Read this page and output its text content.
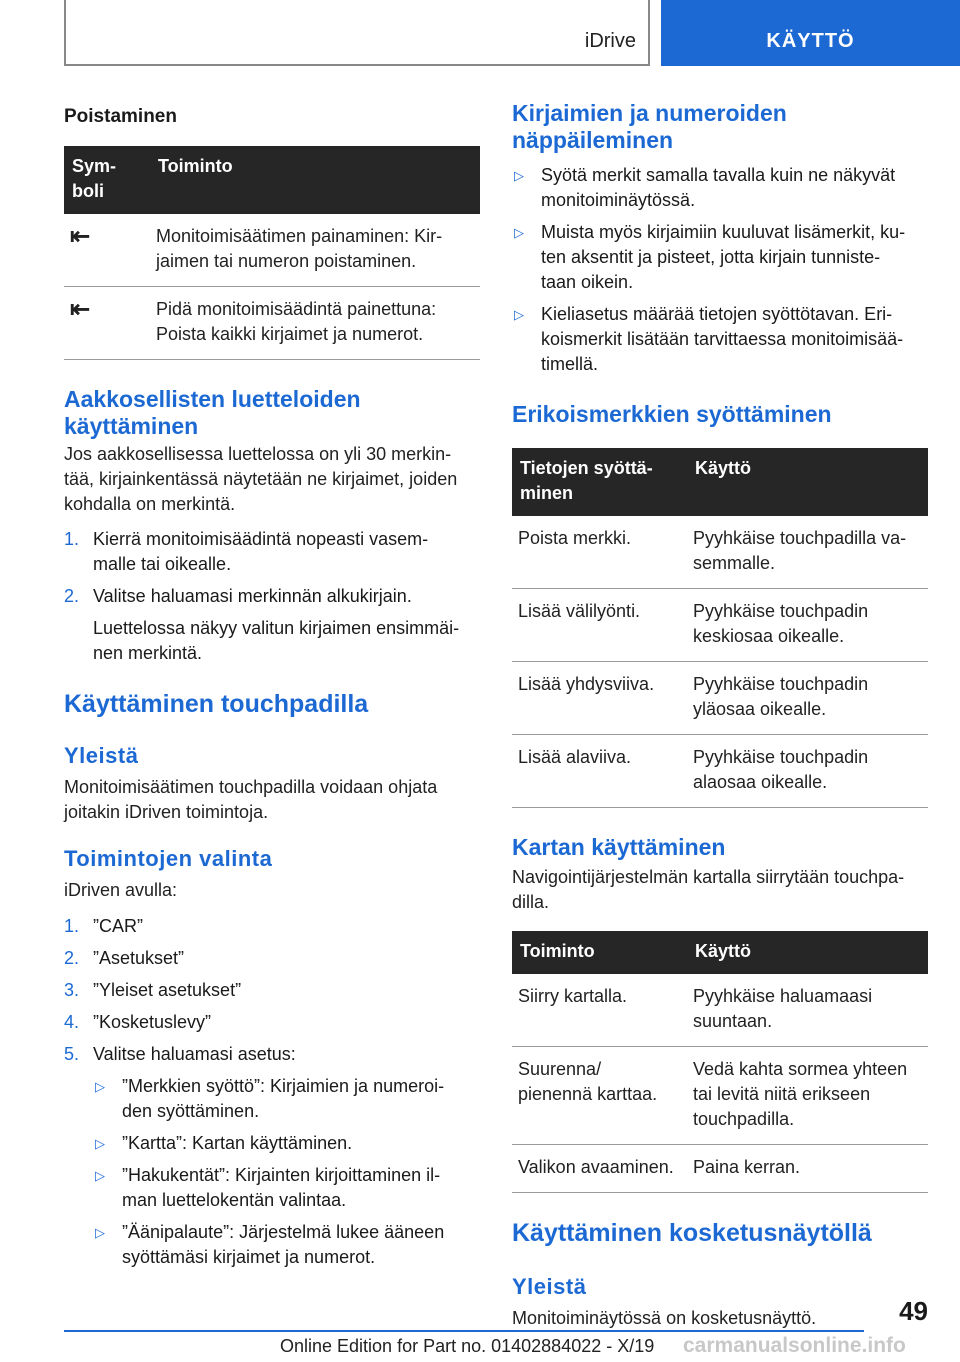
iDrive	KÄYTTÖ
Poistaminen
Sym-
boli	Toiminto
⇤	Monitoimisäätimen painaminen: Kir-
jaimen tai numeron poistaminen.
⇤	Pidä monitoimisäädintä painettuna:
Poista kaikki kirjaimet ja numerot.
Aakkosellisten luetteloiden
käyttäminen

Jos aakkosellisessa luettelossa on yli 30 merkin-
tää, kirjainkentässä näytetään ne kirjaimet, joiden
kohdalla on merkintä.

1. Kierrä monitoimisäädintä nopeasti vasem-
malle tai oikealle.
2. Valitse haluamasi merkinnän alkukirjain.
Luettelossa näkyy valitun kirjaimen ensimmäi-
nen merkintä.
Käyttäminen touchpadilla
Yleistä

Monitoimisäätimen touchpadilla voidaan ohjata
joitakin iDriven toimintoja.

Toimintojen valinta

iDriven avulla:

1. ”CAR”
2. ”Asetukset”
3. ”Yleiset asetukset”
4. ”Kosketuslevy”
5. Valitse haluamasi asetus:
▷ ”Merkkien syöttö”: Kirjaimien ja numeroi-
den syöttäminen.
▷ ”Kartta”: Kartan käyttäminen.
▷ ”Hakukentät”: Kirjainten kirjoittaminen il-
man luettelokentän valintaa.
▷ ”Äänipalaute”: Järjestelmä lukee ääneen
syöttämäsi kirjaimet ja numerot.
Kirjaimien ja numeroiden
näppäileminen
▷ Syötä merkit samalla tavalla kuin ne näkyvät
monitoiminäytössä.
▷ Muista myös kirjaimiin kuuluvat lisämerkit, ku-
ten aksentit ja pisteet, jotta kirjain tunniste-
taan oikein.
▷ Kieliasetus määrää tietojen syöttötavan. Eri-
koismerkit lisätään tarvittaessa monitoimisää-
timellä.
Erikoismerkkien syöttäminen
Tietojen syöttä-
minen	Käyttö
Poista merkki.	Pyyhkäise touchpadilla va-
semmalle.
Lisää välilyönti.	Pyyhkäise touchpadin
keskiosaa oikealle.
Lisää yhdysviiva.	Pyyhkäise touchpadin
yläosaa oikealle.
Lisää alaviiva.	Pyyhkäise touchpadin
alaosaa oikealle.
Kartan käyttäminen

Navigointijärjestelmän kartalla siirrytään touchpa-
dilla.

Toiminto	Käyttö
Siirry kartalla.	Pyyhkäise haluamaasi
suuntaan.
Suurenna/
pienennä karttaa.	Vedä kahta sormea yhteen
tai levitä niitä erikseen
touchpadilla.
Valikon avaaminen.	Paina kerran.
Käyttäminen kosketusnäytöllä
Yleistä

Monitoiminäytössä on kosketusnäyttö.	49
Online Edition for Part no. 01402884022 - X/19 carmanualsonline.info
